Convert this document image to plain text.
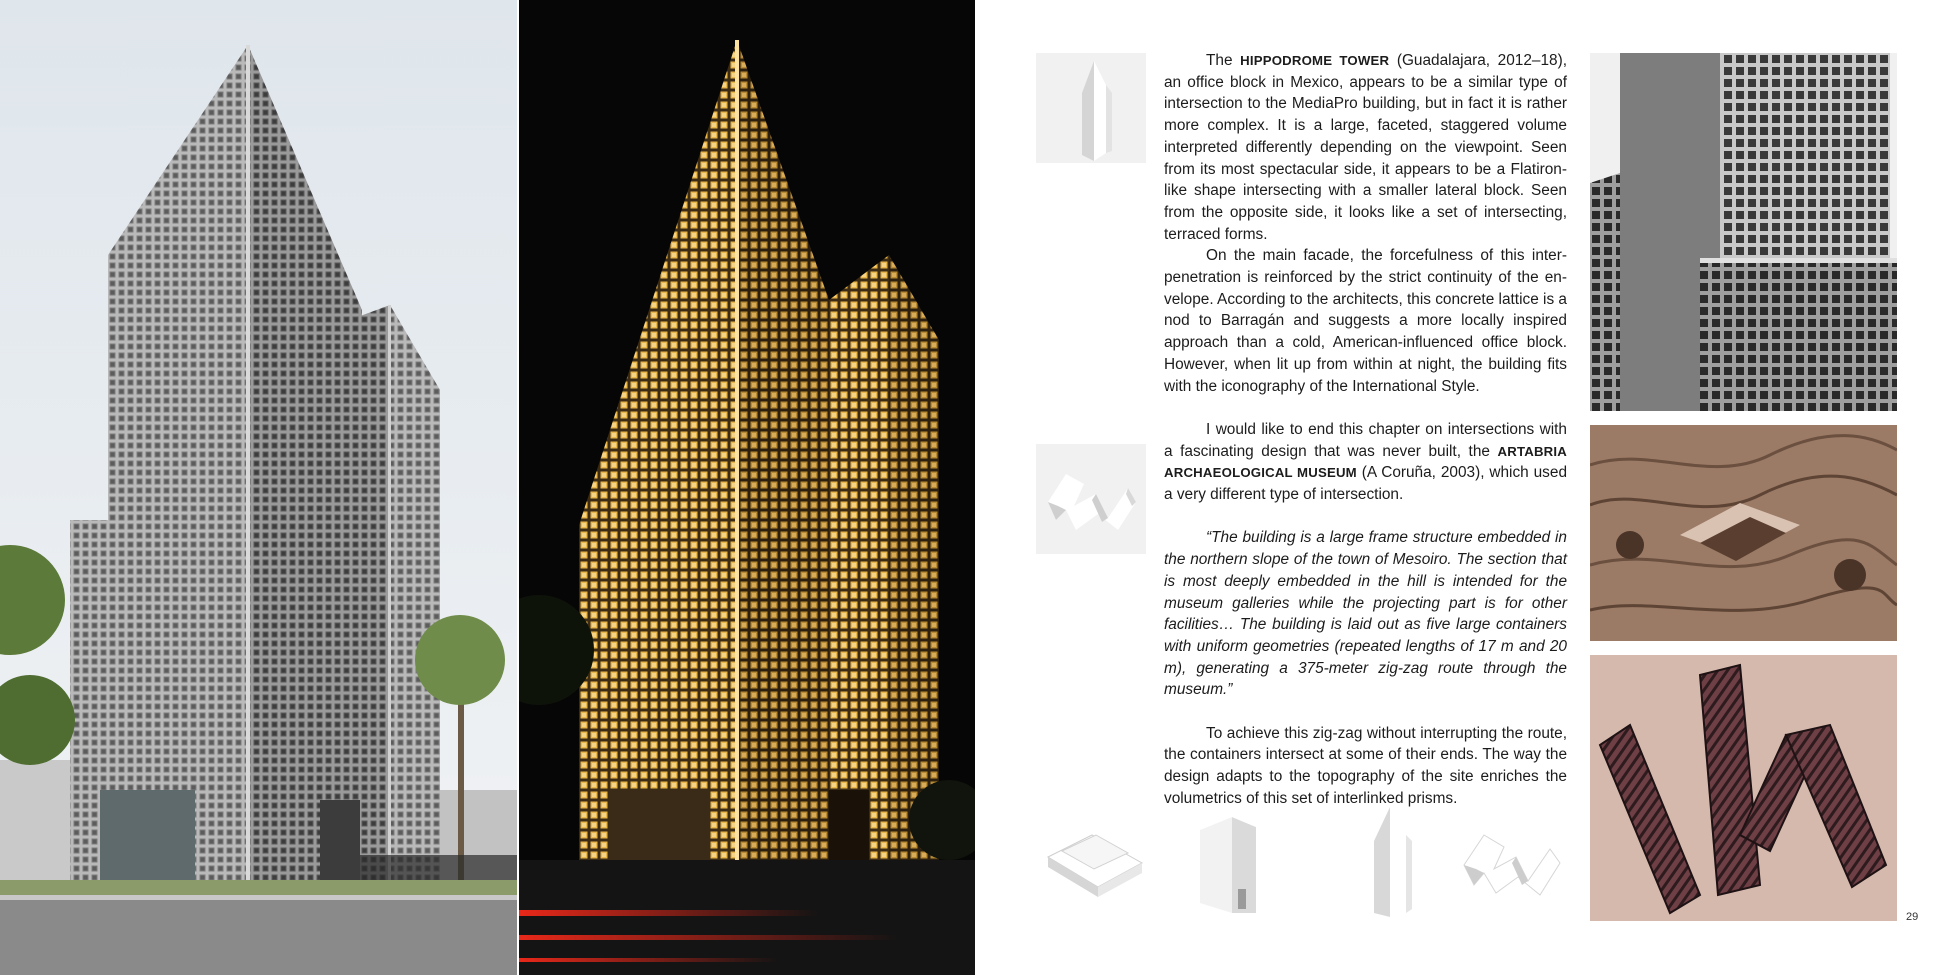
The HIPPODROME TOWER (Guadalajara, 2012–18), an office block in Mexico, appears to be a similar type of intersection to the MediaPro building, but in fact it is rather more complex. It is a large, faceted, staggered volume interpreted differently depending on the viewpoint. Seen from its most spectacular side, it appears to be a Flatiron-like shape intersecting with a smaller lateral block. Seen from the opposite side, it looks like a set of intersecting, terraced forms.

On the main facade, the forcefulness of this interpenetration is reinforced by the strict continuity of the envelope. According to the architects, this concrete lattice is a nod to Barragán and suggests a more locally inspired approach than a cold, American-influenced office block. However, when lit up from within at night, the building fits with the iconography of the International Style.

I would like to end this chapter on intersections with a fascinating design that was never built, the ARTABRIA ARCHAEOLOGICAL MUSEUM (A Coruña, 2003), which used a very different type of intersection.

“The building is a large frame structure embedded in the northern slope of the town of Mesoiro. The section that is most deeply embedded in the hill is intended for the museum galleries while the projecting part is for other facilities… The building is laid out as five large containers with uniform geometries (repeated lengths of 17 m and 20 m), generating a 375-meter zig-zag route through the museum.”

To achieve this zig-zag without interrupting the route, the containers intersect at some of their ends. The way the design adapts to the topography of the site enriches the volumetrics of this set of interlinked prisms.

29
